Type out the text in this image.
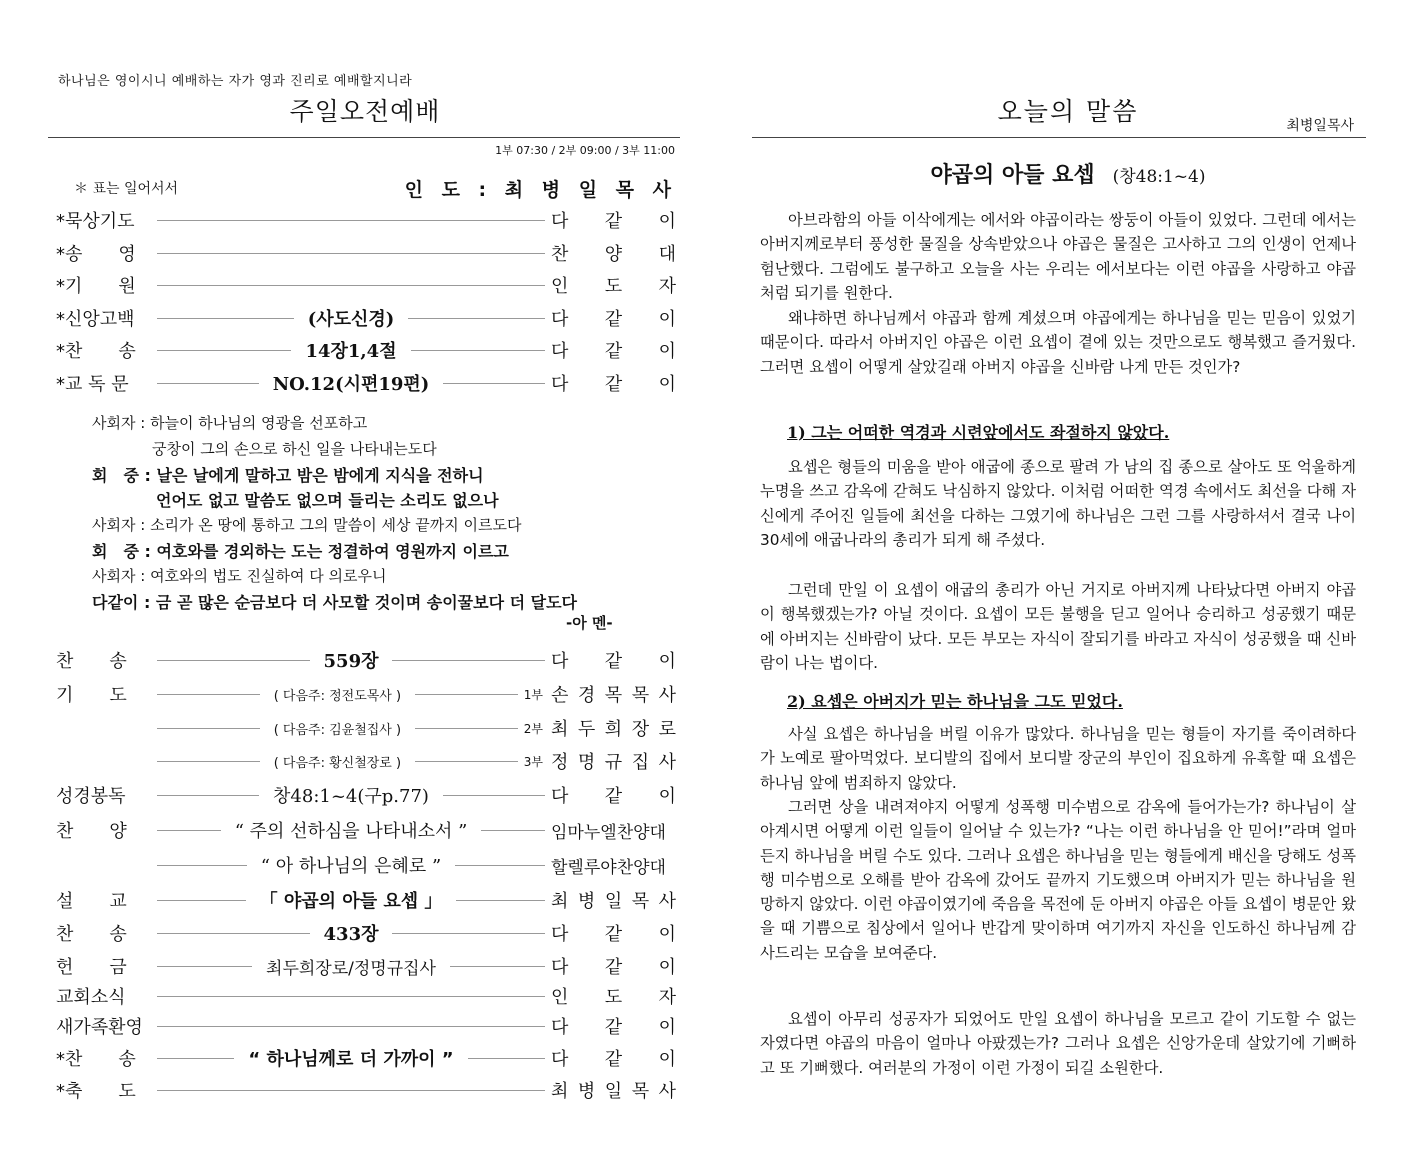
하나님은 영이시니 예배하는 자가 영과 진리로 예배할지니라
주일오전예배
1부 07:30 / 2부 09:00 / 3부 11:00
＊ 표는 일어서서	인 도 : 최 병 일 목 사
*묵상기도	다 같 이
*송　　영	찬 양 대
*기　　원	인 도 자
*신앙고백	(사도신경)	다 같 이
*찬　　송	14장1,4절	다 같 이
*교 독 문	NO.12(시편19편)	다 같 이
사회자 : 하늘이 하나님의 영광을 선포하고
　　　　궁창이 그의 손으로 하신 일을 나타내는도다
회　중 : 날은 날에게 말하고 밤은 밤에게 지식을 전하니
　　　　언어도 없고 말씀도 없으며 들리는 소리도 없으나
사회자 : 소리가 온 땅에 통하고 그의 말씀이 세상 끝까지 이르도다
회　중 : 여호와를 경외하는 도는 정결하여 영원까지 이르고
사회자 : 여호와의 법도 진실하여 다 의로우니
다같이 : 금 곧 많은 순금보다 더 사모할 것이며 송이꿀보다 더 달도다
-아 멘-
찬　　송	559장	다 같 이
기　　도	( 다음주: 정전도목사 )	1부 손 경 목 목 사
( 다음주: 김윤철집사 )	2부 최 두 희 장 로
( 다음주: 황신철장로 )	3부 정 명 규 집 사
성경봉독	창48:1~4(구p.77)	다 같 이
찬　　양	“ 주의 선하심을 나타내소서 ”	임마누엘찬양대
“ 아 하나님의 은혜로 ”	할렐루야찬양대
설　　교	「 야곱의 아들 요셉 」	최 병 일 목 사
찬　　송	433장	다 같 이
헌　　금	최두희장로/정명규집사	다 같 이
교회소식	인 도 자
새가족환영	다 같 이
*찬　　송	“ 하나님께로 더 가까이 ”	다 같 이
*축　　도	최 병 일 목 사
오늘의 말씀	최병일목사
야곱의 아들 요셉 (창48:1~4)

아브라함의 아들 이삭에게는 에서와 야곱이라는 쌍둥이 아들이 있었다. 그런데 에서는 아버지께로부터 풍성한 물질을 상속받았으나 야곱은 물질은 고사하고 그의 인생이 언제나 험난했다. 그럼에도 불구하고 오늘을 사는 우리는 에서보다는 이런 야곱을 사랑하고 야곱처럼 되기를 원한다.

왜냐하면 하나님께서 야곱과 함께 계셨으며 야곱에게는 하나님을 믿는 믿음이 있었기 때문이다. 따라서 아버지인 야곱은 이런 요셉이 곁에 있는 것만으로도 행복했고 즐거웠다. 그러면 요셉이 어떻게 살았길래 아버지 야곱을 신바람 나게 만든 것인가?

1) 그는 어떠한 역경과 시련앞에서도 좌절하지 않았다.

요셉은 형들의 미움을 받아 애굽에 종으로 팔려 가 남의 집 종으로 살아도 또 억울하게 누명을 쓰고 감옥에 갇혀도 낙심하지 않았다. 이처럼 어떠한 역경 속에서도 최선을 다해 자신에게 주어진 일들에 최선을 다하는 그였기에 하나님은 그런 그를 사랑하셔서 결국 나이 30세에 애굽나라의 총리가 되게 해 주셨다.

그런데 만일 이 요셉이 애굽의 총리가 아닌 거지로 아버지께 나타났다면 아버지 야곱이 행복했겠는가? 아닐 것이다. 요셉이 모든 불행을 딛고 일어나 승리하고 성공했기 때문에 아버지는 신바람이 났다. 모든 부모는 자식이 잘되기를 바라고 자식이 성공했을 때 신바람이 나는 법이다.

2) 요셉은 아버지가 믿는 하나님을 그도 믿었다.

사실 요셉은 하나님을 버릴 이유가 많았다. 하나님을 믿는 형들이 자기를 죽이려하다가 노예로 팔아먹었다. 보디발의 집에서 보디발 장군의 부인이 집요하게 유혹할 때 요셉은 하나님 앞에 범죄하지 않았다.

그러면 상을 내려져야지 어떻게 성폭행 미수범으로 감옥에 들어가는가? 하나님이 살아계시면 어떻게 이런 일들이 일어날 수 있는가? “나는 이런 하나님을 안 믿어!”라며 얼마든지 하나님을 버릴 수도 있다. 그러나 요셉은 하나님을 믿는 형들에게 배신을 당해도 성폭행 미수범으로 오해를 받아 감옥에 갔어도 끝까지 기도했으며 아버지가 믿는 하나님을 원망하지 않았다. 이런 야곱이였기에 죽음을 목전에 둔 아버지 야곱은 아들 요셉이 병문안 왔을 때 기쁨으로 침상에서 일어나 반갑게 맞이하며 여기까지 자신을 인도하신 하나님께 감사드리는 모습을 보여준다.

요셉이 아무리 성공자가 되었어도 만일 요셉이 하나님을 모르고 같이 기도할 수 없는 자였다면 야곱의 마음이 얼마나 아팠겠는가? 그러나 요셉은 신앙가운데 살았기에 기뻐하고 또 기뻐했다. 여러분의 가정이 이런 가정이 되길 소원한다.
